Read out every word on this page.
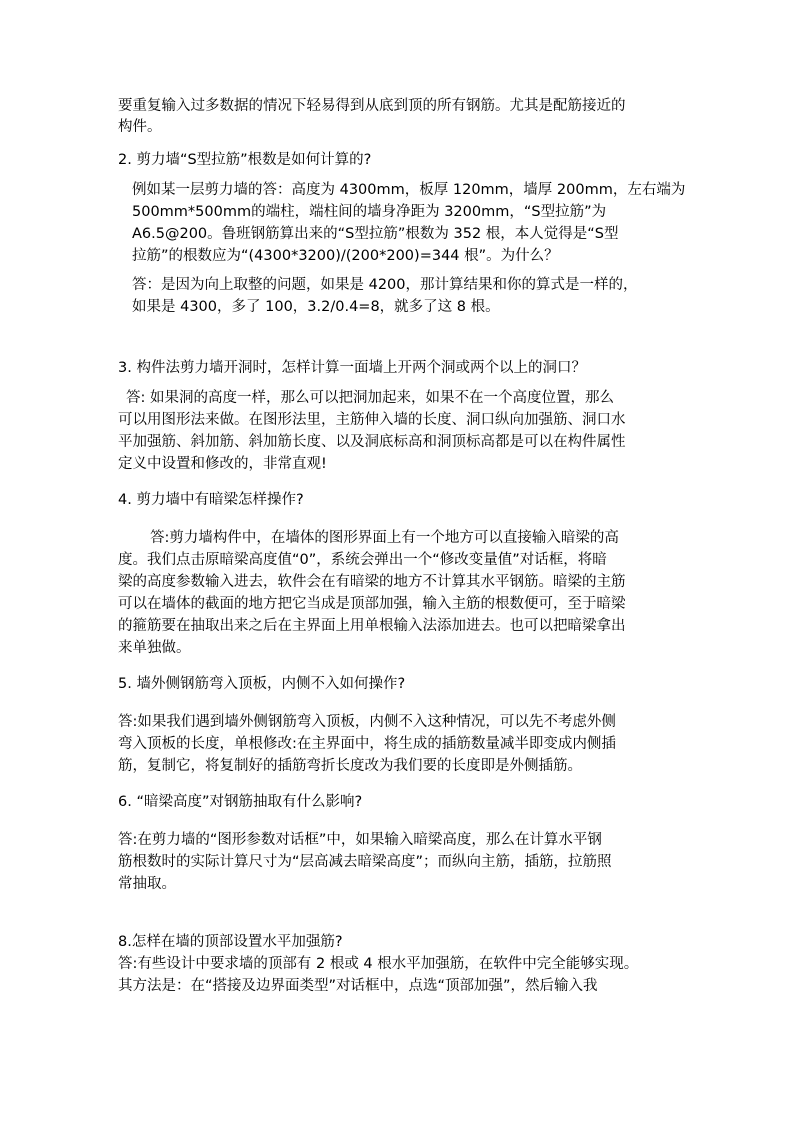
要重复输入过多数据的情况下轻易得到从底到顶的所有钢筋。尤其是配筋接近的
构件。
2. 剪力墙“S型拉筋”根数是如何计算的?
例如某一层剪力墙的答：高度为 4300mm，板厚 120mm，墙厚 200mm，左右端为
500mm*500mm的端柱，端柱间的墙身净距为 3200mm，“S型拉筋”为
A6.5@200。鲁班钢筋算出来的“S型拉筋”根数为 352 根，本人觉得是“S型
拉筋”的根数应为“(4300*3200)/(200*200)=344 根”。为什么？
答：是因为向上取整的问题，如果是 4200，那计算结果和你的算式是一样的，
如果是 4300，多了 100，3.2/0.4=8，就多了这 8 根。
3. 构件法剪力墙开洞时，怎样计算一面墙上开两个洞或两个以上的洞口？
答: 如果洞的高度一样，那么可以把洞加起来，如果不在一个高度位置，那么
可以用图形法来做。在图形法里，主筋伸入墙的长度、洞口纵向加强筋、洞口水
平加强筋、斜加筋、斜加筋长度、以及洞底标高和洞顶标高都是可以在构件属性
定义中设置和修改的，非常直观!
4. 剪力墙中有暗梁怎样操作?
答:剪力墙构件中，在墙体的图形界面上有一个地方可以直接输入暗梁的高
度。我们点击原暗梁高度值“0”，系统会弹出一个“修改变量值”对话框，将暗
梁的高度参数输入进去，软件会在有暗梁的地方不计算其水平钢筋。暗梁的主筋
可以在墙体的截面的地方把它当成是顶部加强，输入主筋的根数便可，至于暗梁
的箍筋要在抽取出来之后在主界面上用单根输入法添加进去。也可以把暗梁拿出
来单独做。
5. 墙外侧钢筋弯入顶板，内侧不入如何操作?
答:如果我们遇到墙外侧钢筋弯入顶板，内侧不入这种情况，可以先不考虑外侧
弯入顶板的长度，单根修改:在主界面中，将生成的插筋数量减半即变成内侧插
筋，复制它，将复制好的插筋弯折长度改为我们要的长度即是外侧插筋。
6. “暗梁高度”对钢筋抽取有什么影响?
答:在剪力墙的“图形参数对话框”中，如果输入暗梁高度，那么在计算水平钢
筋根数时的实际计算尺寸为“层高减去暗梁高度”；而纵向主筋，插筋，拉筋照
常抽取。
8.怎样在墙的顶部设置水平加强筋?
答:有些设计中要求墙的顶部有 2 根或 4 根水平加强筋，在软件中完全能够实现。
其方法是：在“搭接及边界面类型”对话框中，点选“顶部加强”，然后输入我
